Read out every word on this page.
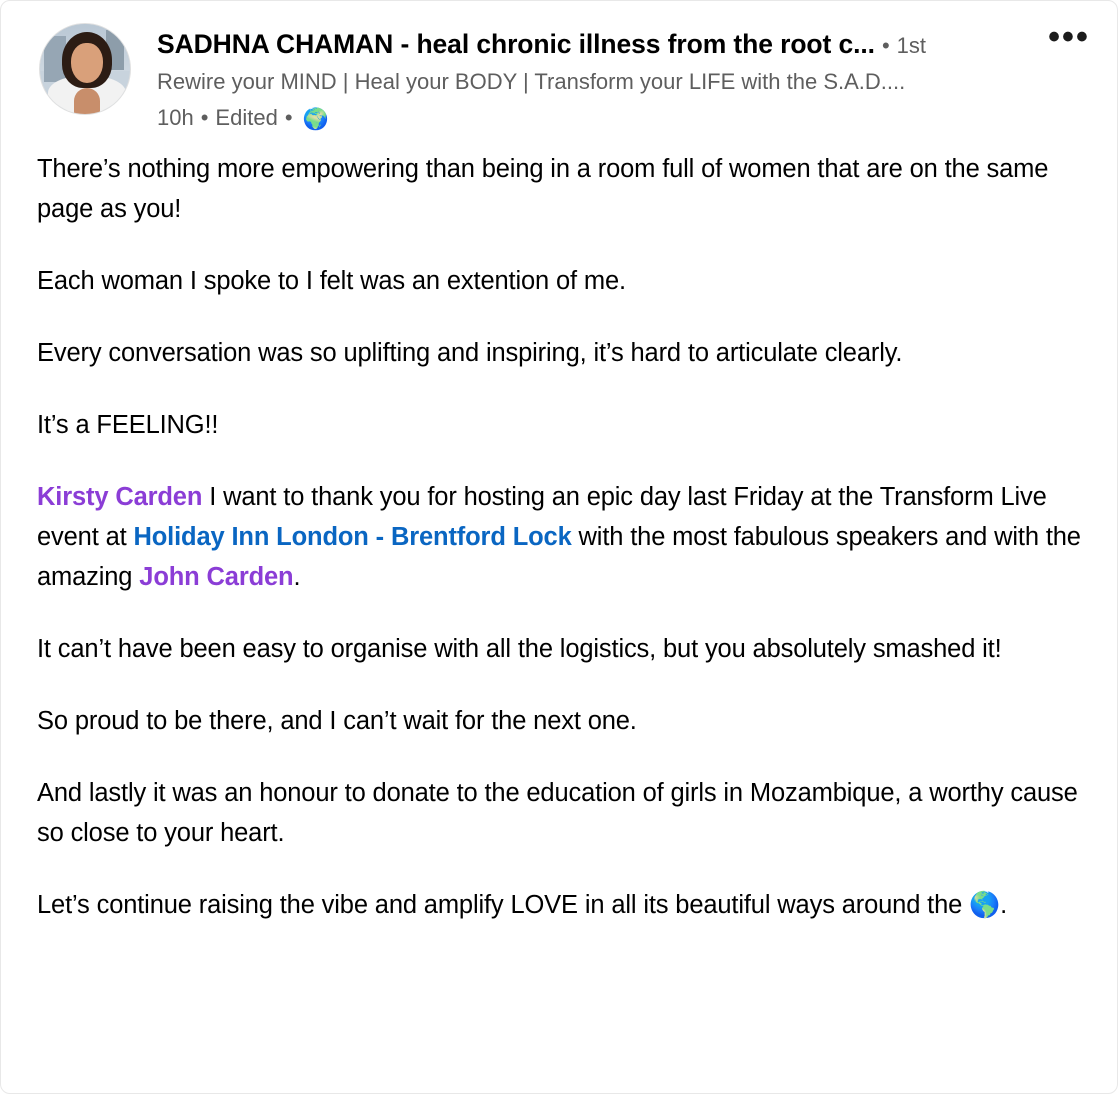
SADHNA CHAMAN - heal chronic illness from the root c... • 1st
Rewire your MIND | Heal your BODY | Transform your LIFE with the S.A.D....
10h • Edited • 🌍
•••

There’s nothing more empowering than being in a room full of women that are on the same page as you!

Each woman I spoke to I felt was an extention of me.

Every conversation was so uplifting and inspiring, it’s hard to articulate clearly.

It’s a FEELING!!

Kirsty Carden I want to thank you for hosting an epic day last Friday at the Transform Live event at Holiday Inn London - Brentford Lock with the most fabulous speakers and with the amazing John Carden.

It can’t have been easy to organise with all the logistics, but you absolutely smashed it!

So proud to be there, and I can’t wait for the next one.

And lastly it was an honour to donate to the education of girls in Mozambique, a worthy cause so close to your heart.

Let’s continue raising the vibe and amplify LOVE in all its beautiful ways around the 🌎.
